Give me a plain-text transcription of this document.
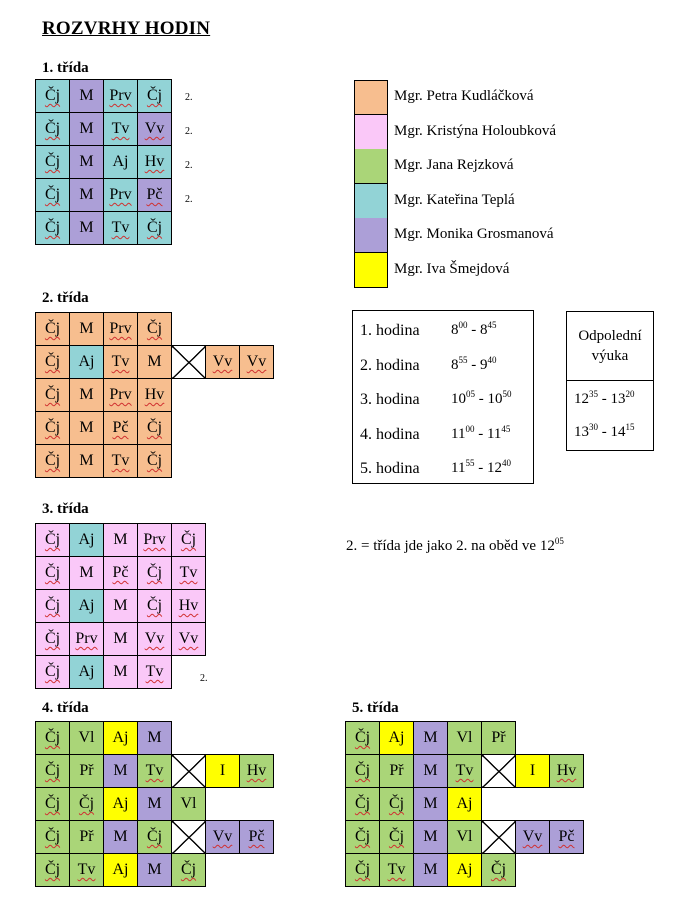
ROZVRHY HODIN
1. třída
Čj	M	Prv	Čj
Čj	M	Tv	Vv
Čj	M	Aj	Hv
Čj	M	Prv	Pč
Čj	M	Tv	Čj
2. třída
Čj	M	Prv	Čj			
Čj	Aj	Tv	M		Vv	Vv
Čj	M	Prv	Hv			
Čj	M	Pč	Čj			
Čj	M	Tv	Čj			
3. třída
Čj	Aj	M	Prv	Čj
Čj	M	Pč	Čj	Tv
Čj	Aj	M	Čj	Hv
Čj	Prv	M	Vv	Vv
Čj	Aj	M	Tv	
4. třída
Čj	Vl	Aj	M			
Čj	Př	M	Tv		I	Hv
Čj	Čj	Aj	M	Vl		
Čj	Př	M	Čj		Vv	Pč
Čj	Tv	Aj	M	Čj		
5. třída
Čj	Aj	M	Vl	Př		
Čj	Př	M	Tv		I	Hv
Čj	Čj	M	Aj			
Čj	Čj	M	Vl		Vv	Pč
Čj	Tv	M	Aj	Čj		
2.
2.
2.
2.
2.
Mgr. Petra Kudláčková
Mgr. Kristýna Holoubková
Mgr. Jana Rejzková
Mgr. Kateřina Teplá
Mgr. Monika Grosmanová
Mgr. Iva Šmejdová
1. hodina $8^{00} - 8^{45}$
2. hodina $8^{55} - 9^{40}$
3. hodina $10^{05} - 10^{50}$
4. hodina $11^{00} - 11^{45}$
5. hodina $11^{55} - 12^{40}$
Odpolední
výuka
$12^{35} - 13^{20}$
$13^{30} - 14^{15}$
2. = třída jde jako 2. na oběd ve $12^{05}$
